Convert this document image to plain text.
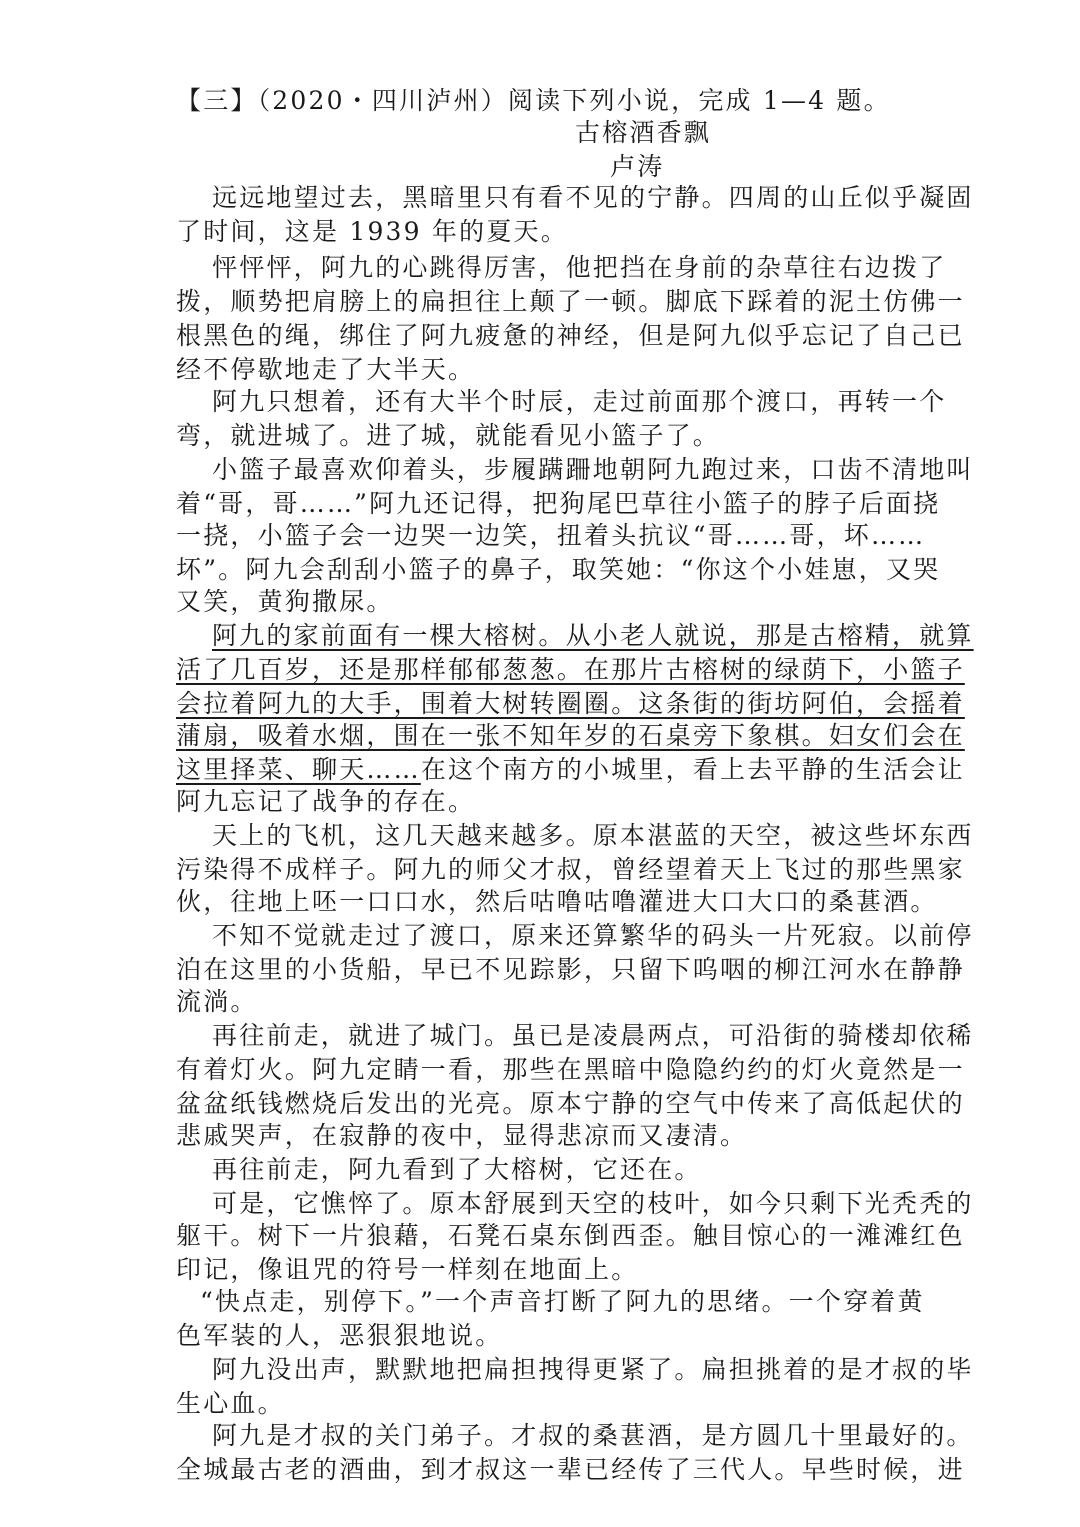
【三】（2020・四川泸州）阅读下列小说，完成 1—4 题。
古榕酒香飘
卢涛
远远地望过去，黑暗里只有看不见的宁静。四周的山丘似乎凝固
了时间，这是 1939 年的夏天。
怦怦怦，阿九的心跳得厉害，他把挡在身前的杂草往右边拨了
拨，顺势把肩膀上的扁担往上颠了一顿。脚底下踩着的泥土仿佛一
根黑色的绳，绑住了阿九疲惫的神经，但是阿九似乎忘记了自己已
经不停歇地走了大半天。
阿九只想着，还有大半个时辰，走过前面那个渡口，再转一个
弯，就进城了。进了城，就能看见小篮子了。
小篮子最喜欢仰着头，步履蹒跚地朝阿九跑过来，口齿不清地叫
着“哥，哥……”阿九还记得，把狗尾巴草往小篮子的脖子后面挠
一挠，小篮子会一边哭一边笑，扭着头抗议“哥……哥，坏……
坏”。阿九会刮刮小篮子的鼻子，取笑她：“你这个小娃崽，又哭
又笑，黄狗撒尿。
阿九的家前面有一棵大榕树。从小老人就说，那是古榕精，就算
活了几百岁，还是那样郁郁葱葱。在那片古榕树的绿荫下，小篮子
会拉着阿九的大手，围着大树转圈圈。这条街的街坊阿伯，会摇着
蒲扇，吸着水烟，围在一张不知年岁的石桌旁下象棋。妇女们会在
这里择菜、聊天……在这个南方的小城里，看上去平静的生活会让
阿九忘记了战争的存在。
天上的飞机，这几天越来越多。原本湛蓝的天空，被这些坏东西
污染得不成样子。阿九的师父才叔，曾经望着天上飞过的那些黑家
伙，往地上呸一口口水，然后咕噜咕噜灌进大口大口的桑葚酒。
不知不觉就走过了渡口，原来还算繁华的码头一片死寂。以前停
泊在这里的小货船，早已不见踪影，只留下呜咽的柳江河水在静静
流淌。
再往前走，就进了城门。虽已是凌晨两点，可沿街的骑楼却依稀
有着灯火。阿九定睛一看，那些在黑暗中隐隐约约的灯火竟然是一
盆盆纸钱燃烧后发出的光亮。原本宁静的空气中传来了高低起伏的
悲戚哭声，在寂静的夜中，显得悲凉而又凄清。
再往前走，阿九看到了大榕树，它还在。
可是，它憔悴了。原本舒展到天空的枝叶，如今只剩下光秃秃的
躯干。树下一片狼藉，石凳石桌东倒西歪。触目惊心的一滩滩红色
印记，像诅咒的符号一样刻在地面上。
“快点走，别停下。”一个声音打断了阿九的思绪。一个穿着黄
色军装的人，恶狠狠地说。
阿九没出声，默默地把扁担拽得更紧了。扁担挑着的是才叔的毕
生心血。
阿九是才叔的关门弟子。才叔的桑葚酒，是方圆几十里最好的。
全城最古老的酒曲，到才叔这一辈已经传了三代人。早些时候，进
